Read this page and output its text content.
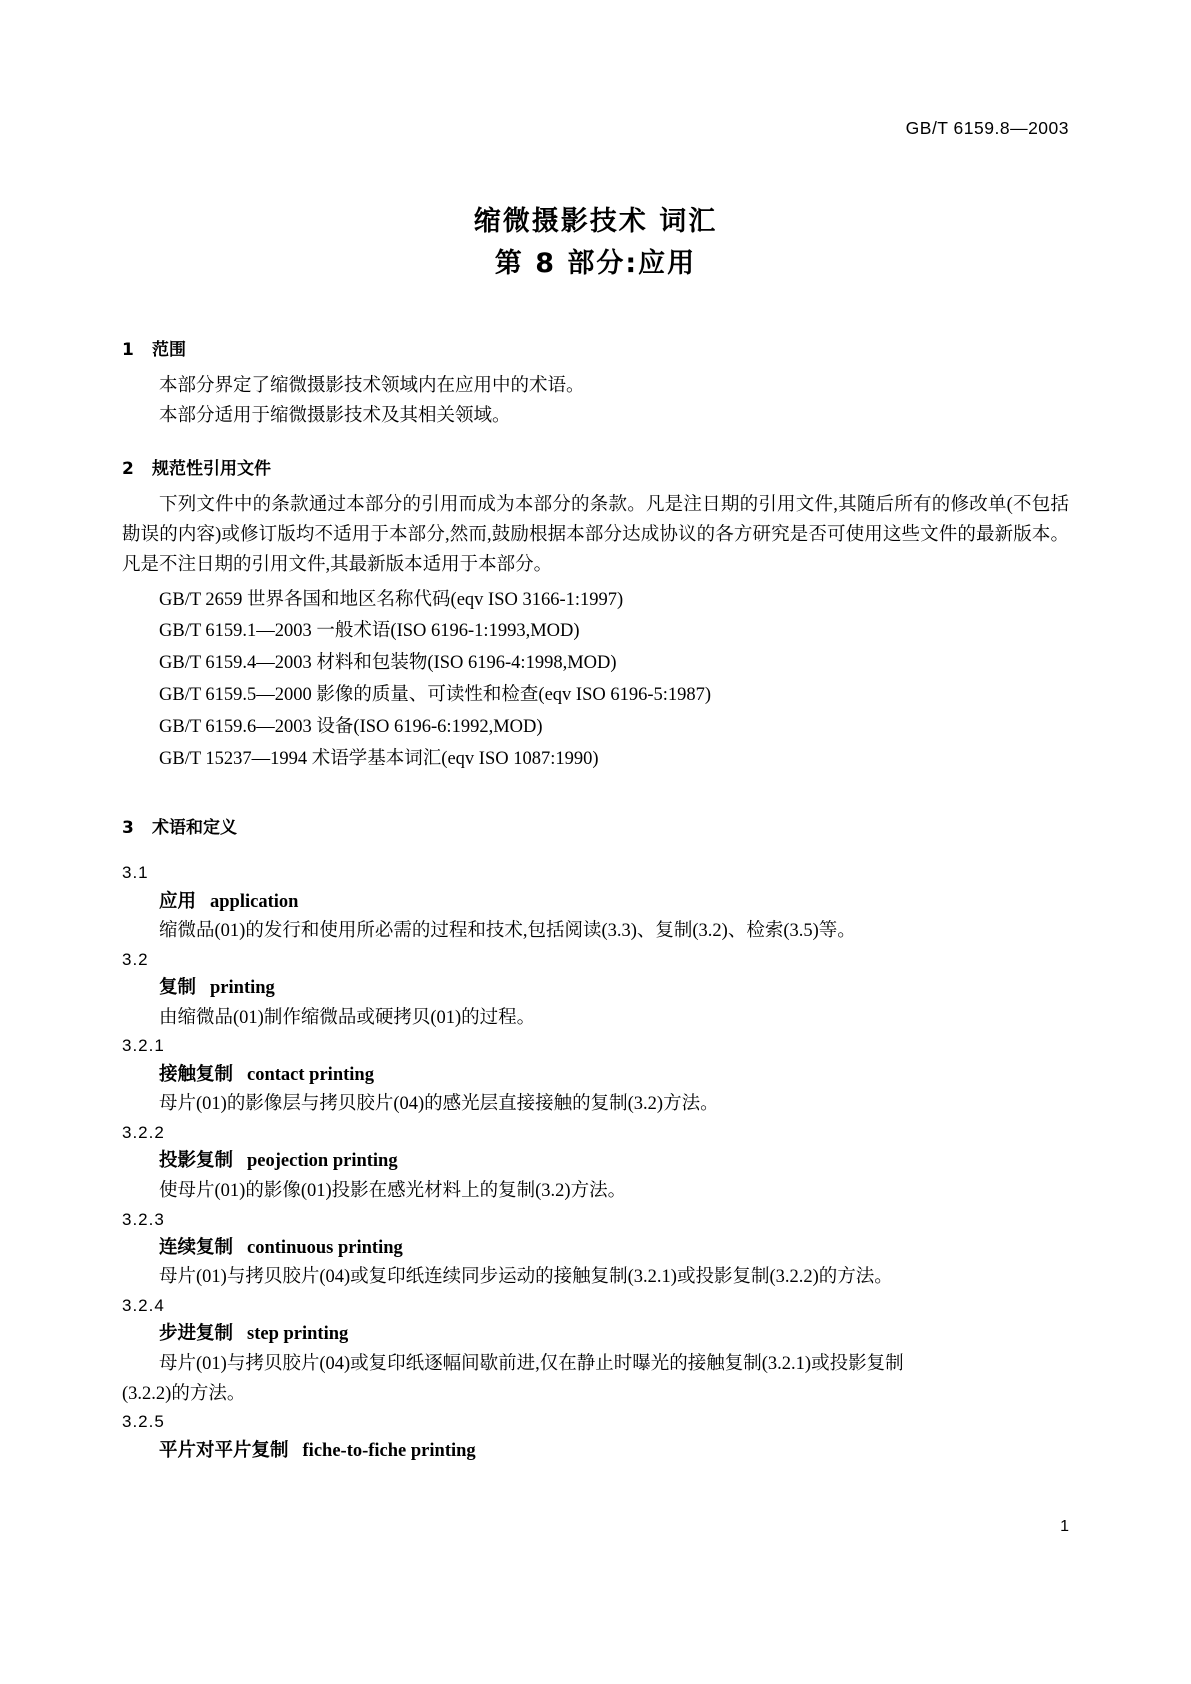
GB/T 6159.8—2003
缩微摄影技术 词汇
第 8 部分:应用
1 范围

本部分界定了缩微摄影技术领域内在应用中的术语。

本部分适用于缩微摄影技术及其相关领域。

2 规范性引用文件

下列文件中的条款通过本部分的引用而成为本部分的条款。凡是注日期的引用文件,其随后所有的修改单(不包括勘误的内容)或修订版均不适用于本部分,然而,鼓励根据本部分达成协议的各方研究是否可使用这些文件的最新版本。凡是不注日期的引用文件,其最新版本适用于本部分。

GB/T 2659 世界各国和地区名称代码(eqv ISO 3166-1:1997)
GB/T 6159.1—2003 一般术语(ISO 6196-1:1993,MOD)
GB/T 6159.4—2003 材料和包装物(ISO 6196-4:1998,MOD)
GB/T 6159.5—2000 影像的质量、可读性和检查(eqv ISO 6196-5:1987)
GB/T 6159.6—2003 设备(ISO 6196-6:1992,MOD)
GB/T 15237—1994 术语学基本词汇(eqv ISO 1087:1990)
3 术语和定义

3.1

应用 application

缩微品(01)的发行和使用所必需的过程和技术,包括阅读(3.3)、复制(3.2)、检索(3.5)等。

3.2

复制 printing

由缩微品(01)制作缩微品或硬拷贝(01)的过程。

3.2.1

接触复制 contact printing

母片(01)的影像层与拷贝胶片(04)的感光层直接接触的复制(3.2)方法。

3.2.2

投影复制 peojection printing

使母片(01)的影像(01)投影在感光材料上的复制(3.2)方法。

3.2.3

连续复制 continuous printing

母片(01)与拷贝胶片(04)或复印纸连续同步运动的接触复制(3.2.1)或投影复制(3.2.2)的方法。

3.2.4

步进复制 step printing

母片(01)与拷贝胶片(04)或复印纸逐幅间歇前进,仅在静止时曝光的接触复制(3.2.1)或投影复制

(3.2.2)的方法。

3.2.5

平片对平片复制 fiche-to-fiche printing

1
